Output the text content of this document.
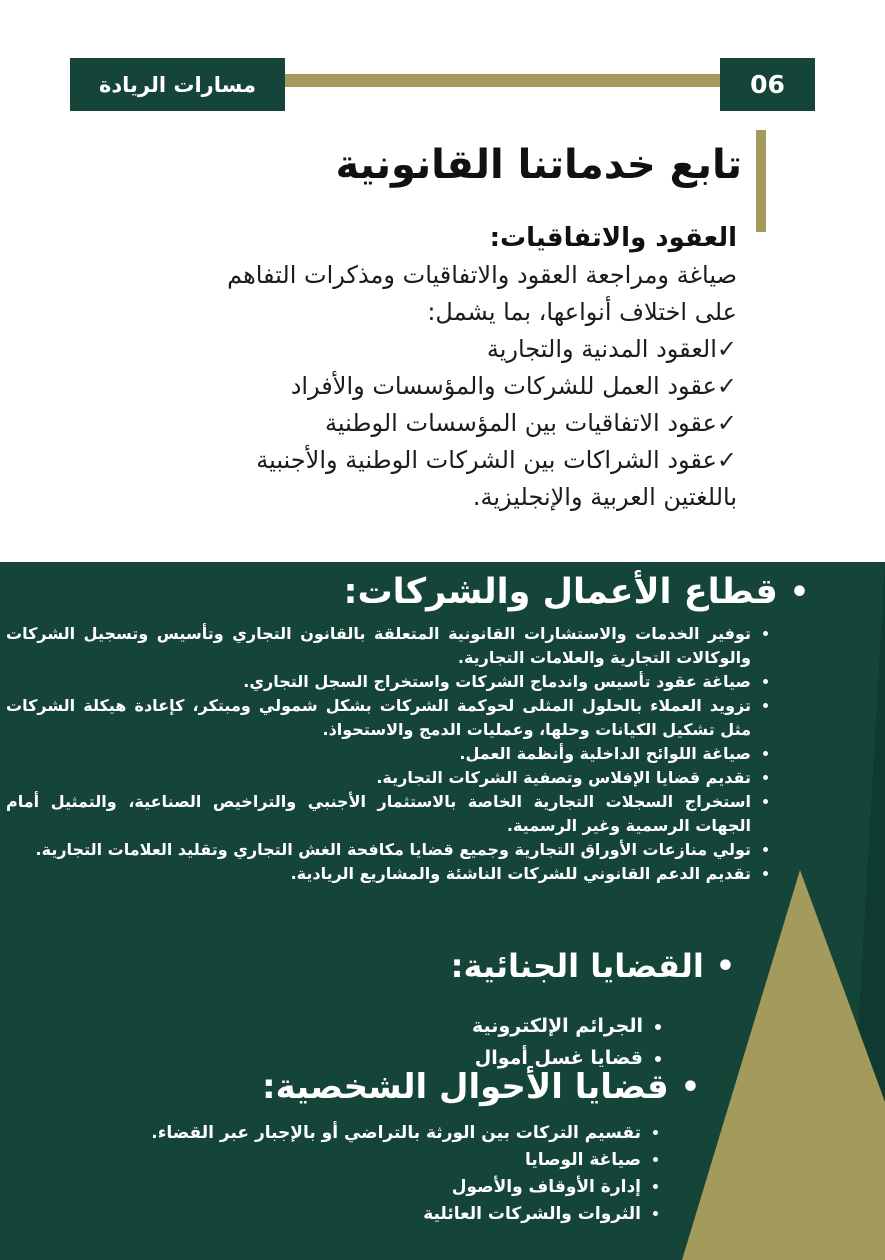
مسارات الريادة	06
تابع خدماتنا القانونية
العقود والاتفاقيات:

صياغة ومراجعة العقود والاتفاقيات ومذكرات التفاهم
على اختلاف أنواعها، بما يشمل:

✓العقود المدنية والتجارية
✓عقود العمل للشركات والمؤسسات والأفراد
✓عقود الاتفاقيات بين المؤسسات الوطنية
✓عقود الشراكات بين الشركات الوطنية والأجنبية
باللغتين العربية والإنجليزية.
•
قطاع الأعمال والشركات:
• توفير الخدمات والاستشارات القانونية المتعلقة بالقانون التجاري وتأسيس وتسجيل الشركات والوكالات التجارية والعلامات التجارية.
• صياغة عقود تأسيس واندماج الشركات واستخراج السجل التجاري.
• تزويد العملاء بالحلول المثلى لحوكمة الشركات بشكل شمولي ومبتكر، كإعادة هيكلة الشركات مثل تشكيل الكيانات وحلها، وعمليات الدمج والاستحواذ.
• صياغة اللوائح الداخلية وأنظمة العمل.
• تقديم قضايا الإفلاس وتصفية الشركات التجارية.
• استخراج السجلات التجارية الخاصة بالاستثمار الأجنبي والتراخيص الصناعية، والتمثيل أمام الجهات الرسمية وغير الرسمية.
• تولي منازعات الأوراق التجارية وجميع قضايا مكافحة الغش التجاري وتقليد العلامات التجارية.
• تقديم الدعم القانوني للشركات الناشئة والمشاريع الريادية.
•
القضايا الجنائية:
• الجرائم الإلكترونية
• قضايا غسل أموال
•
قضايا الأحوال الشخصية:
• تقسيم التركات بين الورثة بالتراضي أو بالإجبار عبر القضاء.
• صياغة الوصايا
• إدارة الأوقاف والأصول
• الثروات والشركات العائلية
